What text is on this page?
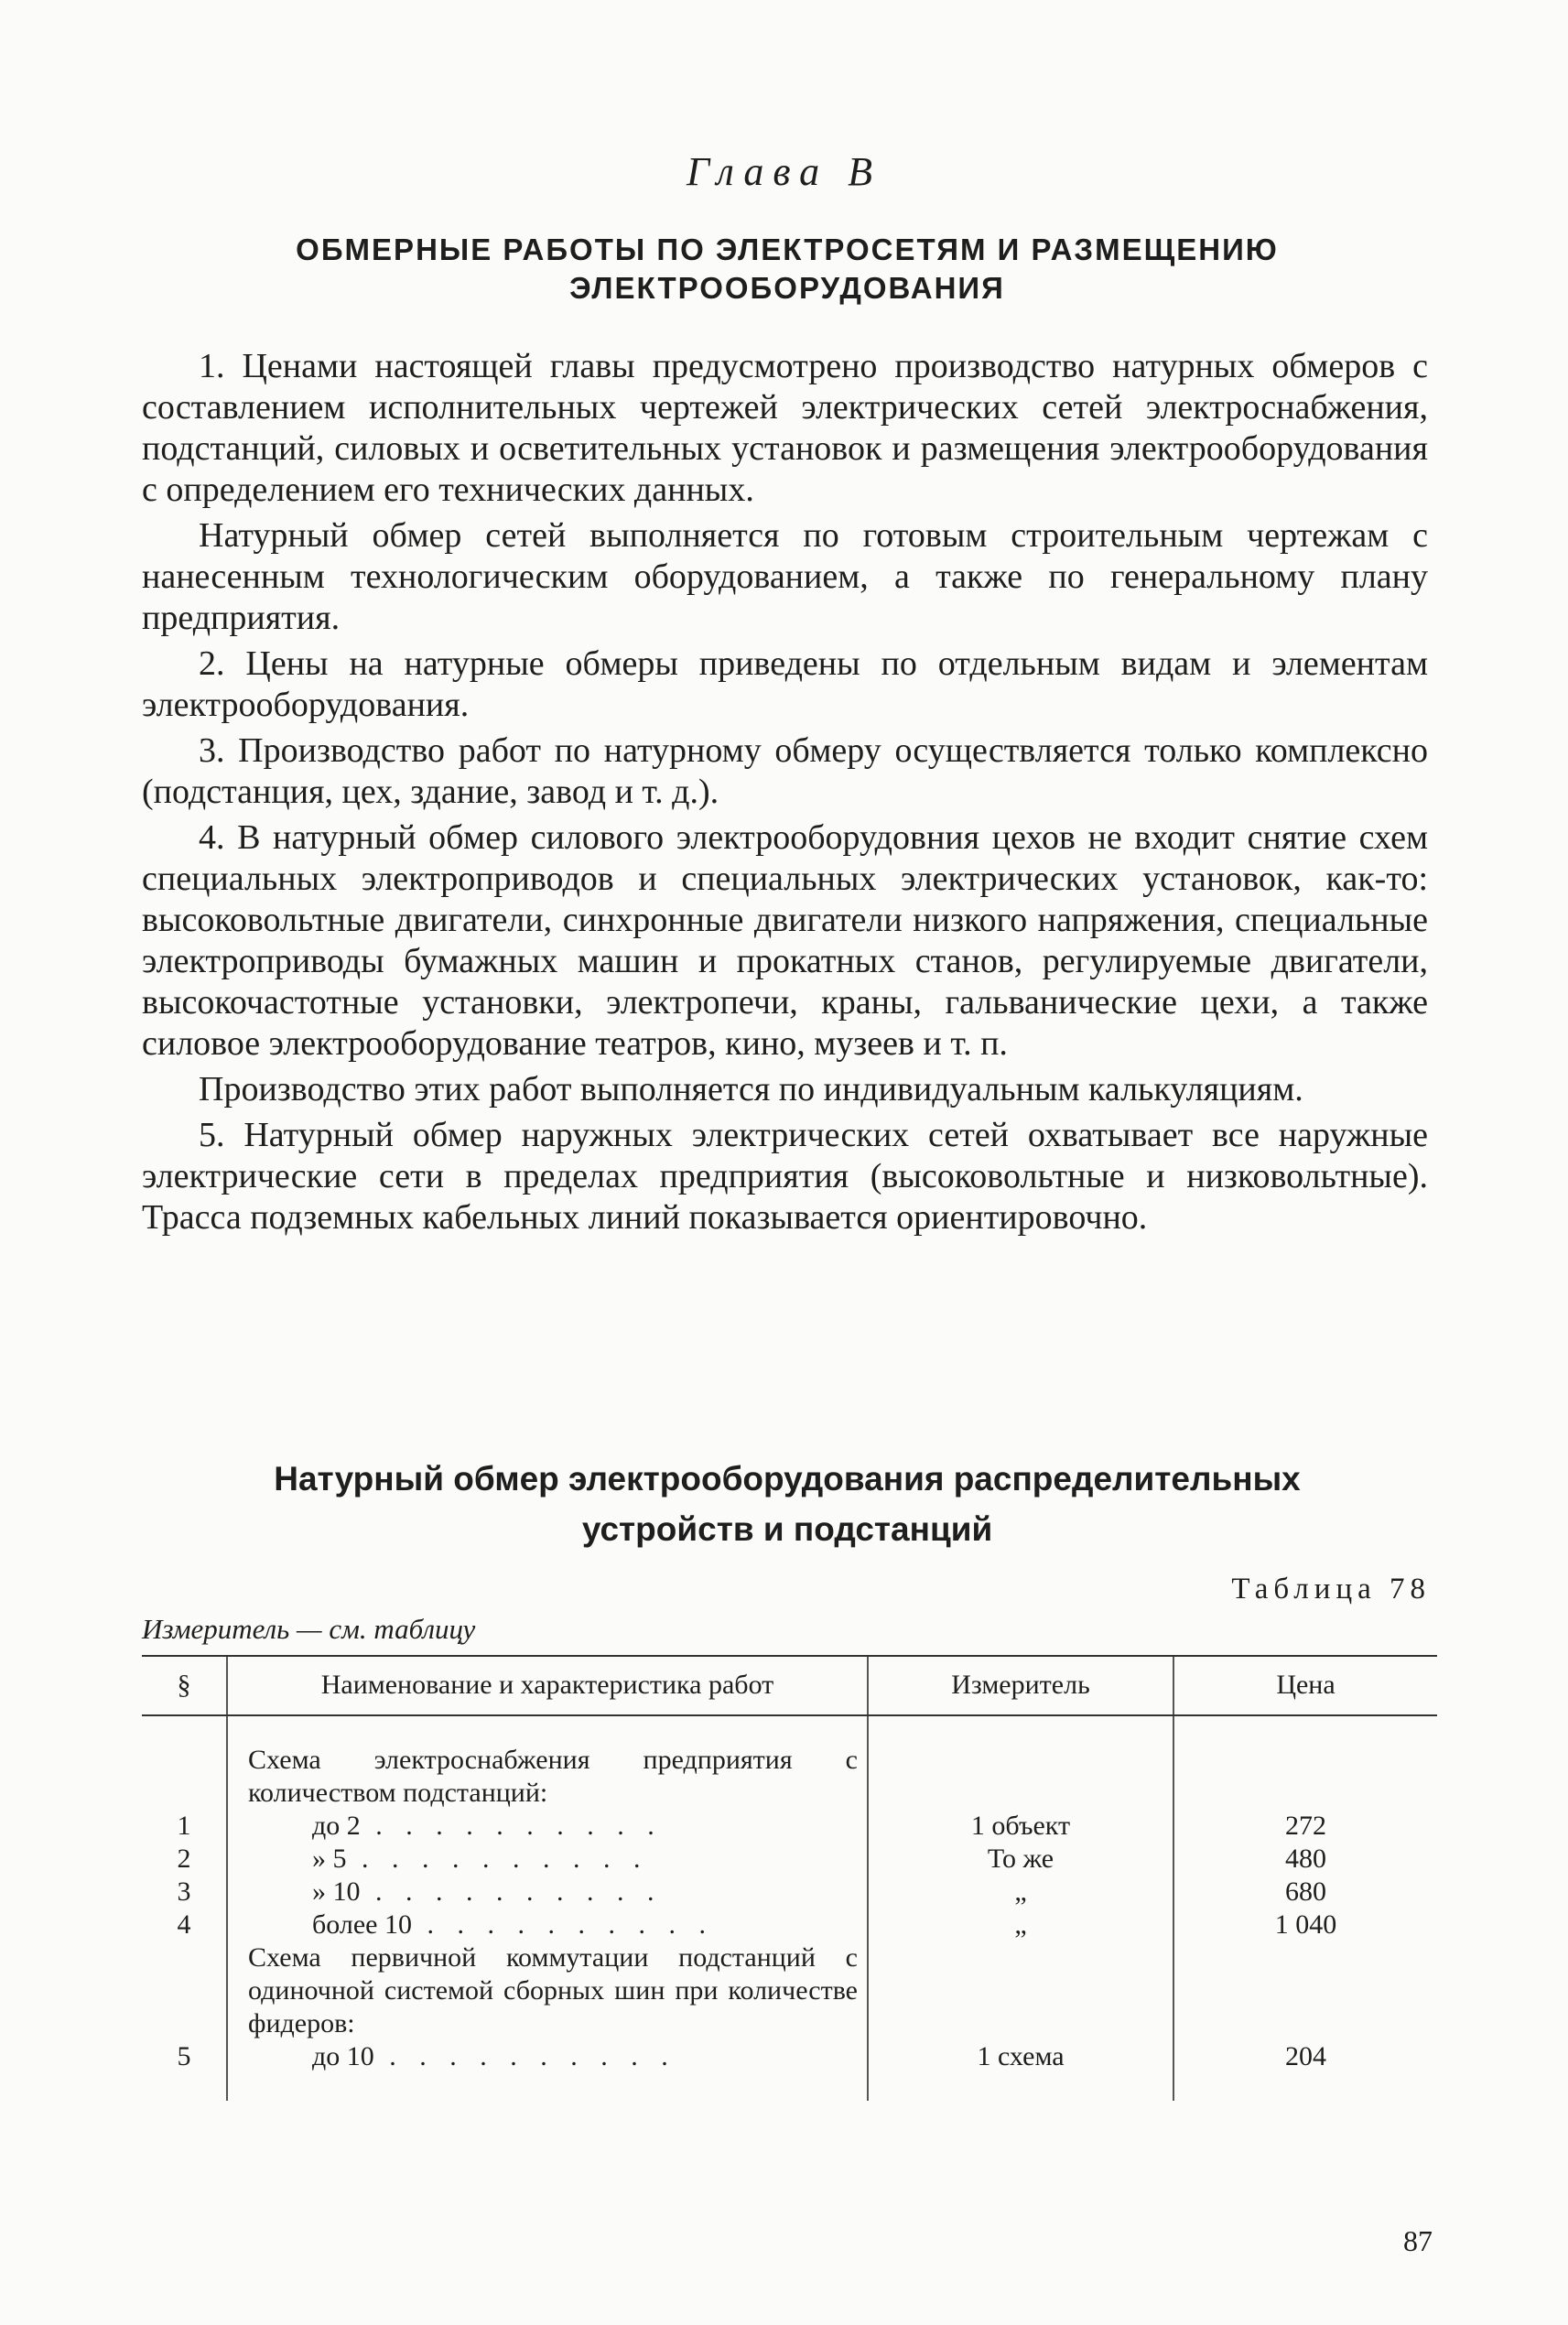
Глава В
ОБМЕРНЫЕ РАБОТЫ ПО ЭЛЕКТРОСЕТЯМ И РАЗМЕЩЕНИЮ
ЭЛЕКТРООБОРУДОВАНИЯ

1. Ценами настоящей главы предусмотрено производство натурных обмеров с составлением исполнительных чертежей электрических сетей электроснабжения, подстанций, силовых и осветительных установок и размещения электрооборудования с определением его технических данных.

Натурный обмер сетей выполняется по готовым строительным чертежам с нанесенным технологическим оборудованием, а также по генеральному плану предприятия.

2. Цены на натурные обмеры приведены по отдельным видам и элементам электрооборудования.

3. Производство работ по натурному обмеру осуществляется только комплексно (подстанция, цех, здание, завод и т. д.).

4. В натурный обмер силового электрооборудовния цехов не входит снятие схем специальных электроприводов и специальных электрических установок, как-то: высоковольтные двигатели, синхронные двигатели низкого напряжения, специальные электроприводы бумажных машин и прокатных станов, регулируемые двигатели, высокочастотные установки, электропечи, краны, гальванические цехи, а также силовое электрооборудование театров, кино, музеев и т. п.

Производство этих работ выполняется по индивидуальным калькуляциям.

5. Натурный обмер наружных электрических сетей охватывает все наружные электрические сети в пределах предприятия (высоковольтные и низковольтные). Трасса подземных кабельных линий показывается ориентировочно.

Натурный обмер электрооборудования распределительных
устройств и подстанций
Таблица 78
Измеритель — см. таблицу
§	Наименование и характеристика работ	Измеритель	Цена
	Схема электроснабжения предприятия с количеством подстанций:		
1	до 2 . . . . . . . . . .	1 объект	272
2	» 5 . . . . . . . . . .	То же	480
3	» 10 . . . . . . . . . .	„	680
4	более 10 . . . . . . . . . .	„	1 040
	Схема первичной коммутации подстанций с одиночной системой сборных шин при количестве фидеров:		
5	до 10 . . . . . . . . . .	1 схема	204
87
